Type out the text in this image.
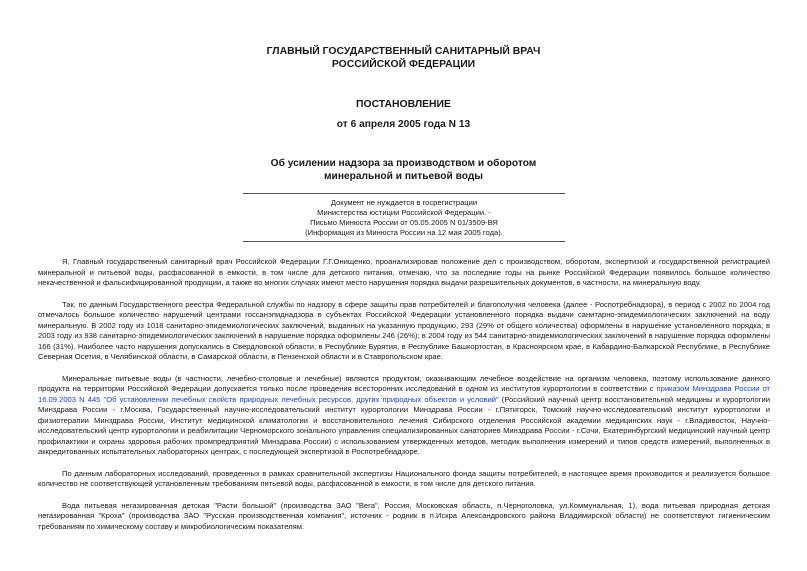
ГЛАВНЫЙ ГОСУДАРСТВЕННЫЙ САНИТАРНЫЙ ВРАЧ
РОССИЙСКОЙ ФЕДЕРАЦИИ
ПОСТАНОВЛЕНИЕ
от 6 апреля 2005 года N 13
Об усилении надзора за производством и оборотом
минеральной и питьевой воды
Документ не нуждается в госрегистрации
Министерства юстиции Российской Федерации. -
Письмо Минюста России от 05.05.2005 N 01/3509-ВЯ
(Информация из Минюста России на 12 мая 2005 года).

Я, Главный государственный санитарный врач Российской Федерации Г.Г.Онищенко, проанализировав положение дел с производством, оборотом, экспертизой и государственной регистрацией минеральной и питьевой воды, расфасованной в емкости, в том числе для детского питания, отмечаю, что за последние годы на рынке Российской Федерации появилось большое количество некачественной и фальсифицированной продукции, а также во многих случаях имеют место нарушения порядка выдачи разрешительных документов, в частности, на минеральную воду.

Так, по данным Государственного реестра Федеральной службы по надзору в сфере защиты прав потребителей и благополучия человека (далее - Роспотребнадзора), в период с 2002 по 2004 год отмечалось большое количество нарушений центрами госсанэпиднадзора в субъектах Российской Федерации установленного порядка выдачи санитарно-эпидемиологических заключений на воду минеральную. В 2002 году из 1018 санитарно-эпидемиологических заключений, выданных на указанную продукцию, 293 (29% от общего количества) оформлены в нарушение установленного порядка; в 2003 году из 938 санитарно-эпидемиологических заключений в нарушение порядка оформлены 246 (26%); в 2004 году из 544 санитарно-эпидемиологических заключений в нарушение порядка оформлены 166 (31%). Наиболее часто нарушения допускались в Свердловской области, в Республике Бурятия, в Республике Башкортостан, в Красноярском крае, в Кабардино-Балкарской Республике, в Республике Северная Осетия, в Челябинской области, в Самарской области, в Пензенской области и в Ставропольском крае.

Минеральные питьевые воды (в частности, лечебно-столовые и лечебные) являются продуктом, оказывающим лечебное воздействие на организм человека, поэтому использование данного продукта на территории Российской Федерации допускается только после проведения всесторонних исследований в одном из институтов курортологии в соответствии с приказом Минздрава России от 16.09.2003 N 445 "Об установлении лечебных свойств природных лечебных ресурсов, других природных объектов и условий" (Российский научный центр восстановительной медицины и курортологии Минздрава России - г.Москва, Государственный научно-исследовательский институт курортологии Минздрава России - г.Пятигорск, Томский научно-исследовательский институт курортологии и физиотерапии Минздрава России, Институт медицинской климатологии и восстановительного лечения Сибирского отделения Российской академии медицинских наук - г.Владивосток, Научно-исследовательский центр курортологии и реабилитации Черноморского зонального управления специализированных санаториев Минздрава России - г.Сочи, Екатеринбургский медицинский научный центр профилактики и охраны здоровья рабочих промпредприятий Минздрава России) с использованием утвержденных методов, методик выполнения измерений и типов средств измерений, выполненных в аккредитованных испытательных лабораторных центрах, с последующей экспертизой в Роспотребнадзоре.

По данным лабораторных исследований, проведенных в рамках сравнительной экспертизы Национального фонда защиты потребителей, в настоящее время производится и реализуется большое количество не соответствующей установленным требованиям питьевой воды, расфасованной в емкости, в том числе для детского питания.

Вода питьевая негазированная детская "Расти большой" (производства ЗАО "Вега", Россия, Московская область, п.Черноголовка, ул.Коммунальная, 1), вода питьевая природная детская негазированная "Кроха" (производства ЗАО "Русская производственная компания", источник - родник в п.Искра Александровского района Владимирской области) не соответствуют гигиеническим требованиям по химическому составу и микробиологическим показателям.
